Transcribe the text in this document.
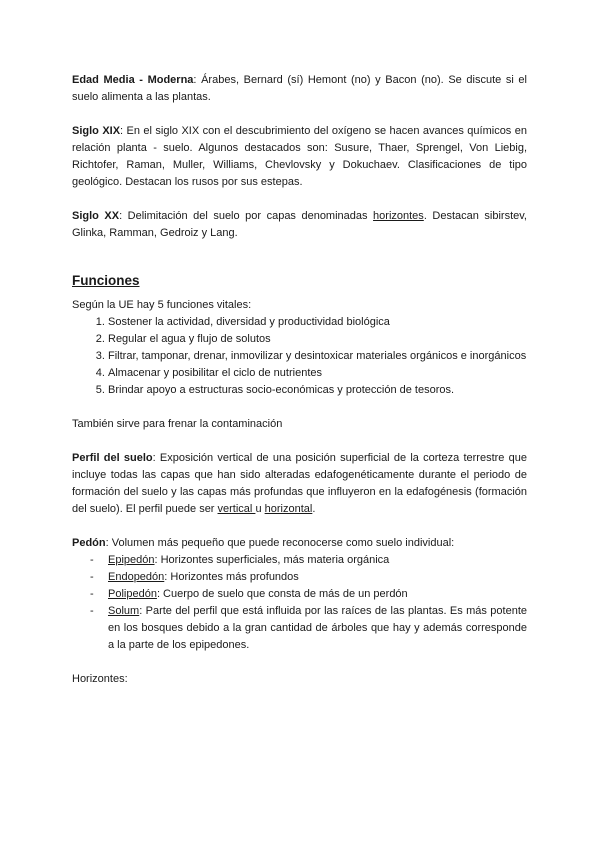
Edad Media - Moderna: Árabes, Bernard (sí) Hemont (no) y Bacon (no). Se discute si el suelo alimenta a las plantas.

Siglo XIX: En el siglo XIX con el descubrimiento del oxígeno se hacen avances químicos en relación planta - suelo. Algunos destacados son: Susure, Thaer, Sprengel, Von Liebig, Richtofer, Raman, Muller, Williams, Chevlovsky y Dokuchaev. Clasificaciones de tipo geológico. Destacan los rusos por sus estepas.

Siglo XX: Delimitación del suelo por capas denominadas horizontes. Destacan sibirstev, Glinka, Ramman, Gedroiz y Lang.

Funciones

Según la UE hay 5 funciones vitales:

1. Sostener la actividad, diversidad y productividad biológica
2. Regular el agua y flujo de solutos
3. Filtrar, tamponar, drenar, inmovilizar y desintoxicar materiales orgánicos e inorgánicos
4. Almacenar y posibilitar el ciclo de nutrientes
5. Brindar apoyo a estructuras socio-económicas y protección de tesoros.

También sirve para frenar la contaminación

Perfil del suelo: Exposición vertical de una posición superficial de la corteza terrestre que incluye todas las capas que han sido alteradas edafogenéticamente durante el periodo de formación del suelo y las capas más profundas que influyeron en la edafogénesis (formación del suelo). El perfil puede ser vertical u horizontal.

Pedón: Volumen más pequeño que puede reconocerse como suelo individual:

- Epipedón: Horizontes superficiales, más materia orgánica
- Endopedón: Horizontes más profundos
- Polipedón: Cuerpo de suelo que consta de más de un perdón
- Solum: Parte del perfil que está influida por las raíces de las plantas. Es más potente en los bosques debido a la gran cantidad de árboles que hay y además corresponde a la parte de los epipedones.

Horizontes:
